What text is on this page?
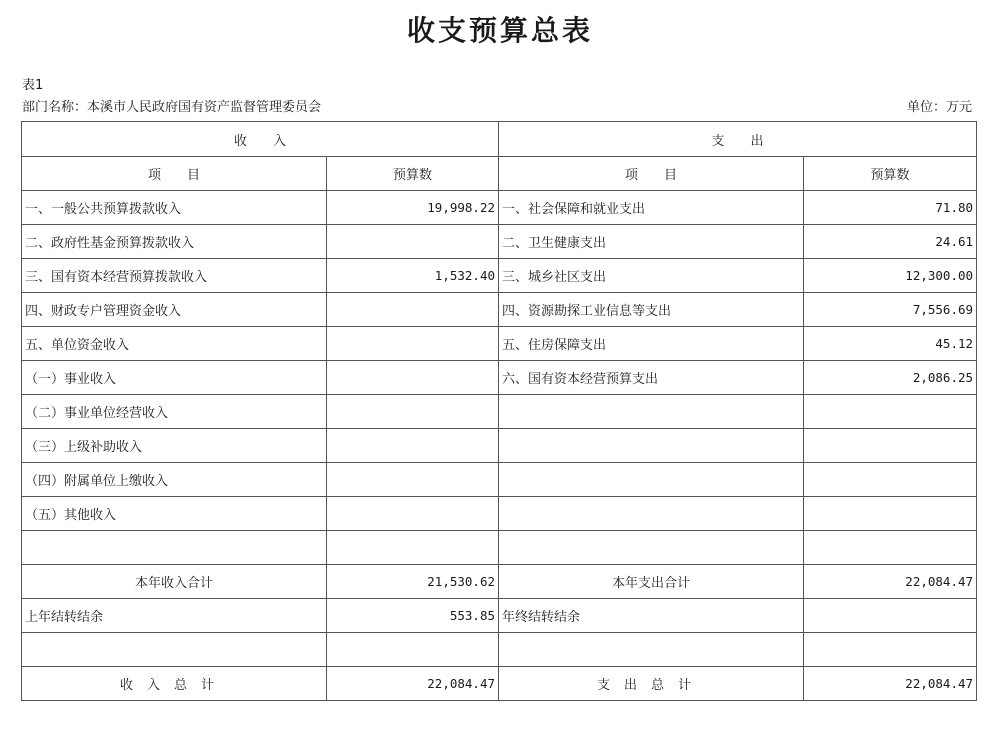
收支预算总表
表1
部门名称：本溪市人民政府国有资产监督管理委员会	单位：万元
收　　入		支　　出	
项　　目	预算数	项　　目	预算数
一、一般公共预算拨款收入	19,998.22	一、社会保障和就业支出	71.80
二、政府性基金预算拨款收入		二、卫生健康支出	24.61
三、国有资本经营预算拨款收入	1,532.40	三、城乡社区支出	12,300.00
四、财政专户管理资金收入		四、资源勘探工业信息等支出	7,556.69
五、单位资金收入		五、住房保障支出	45.12
（一）事业收入		六、国有资本经营预算支出	2,086.25
（二）事业单位经营收入			
（三）上级补助收入			
（四）附属单位上缴收入			
（五）其他收入			

本年收入合计	21,530.62	本年支出合计	22,084.47
上年结转结余	553.85	年终结转结余	

收入总计	22,084.47	支出总计	22,084.47
